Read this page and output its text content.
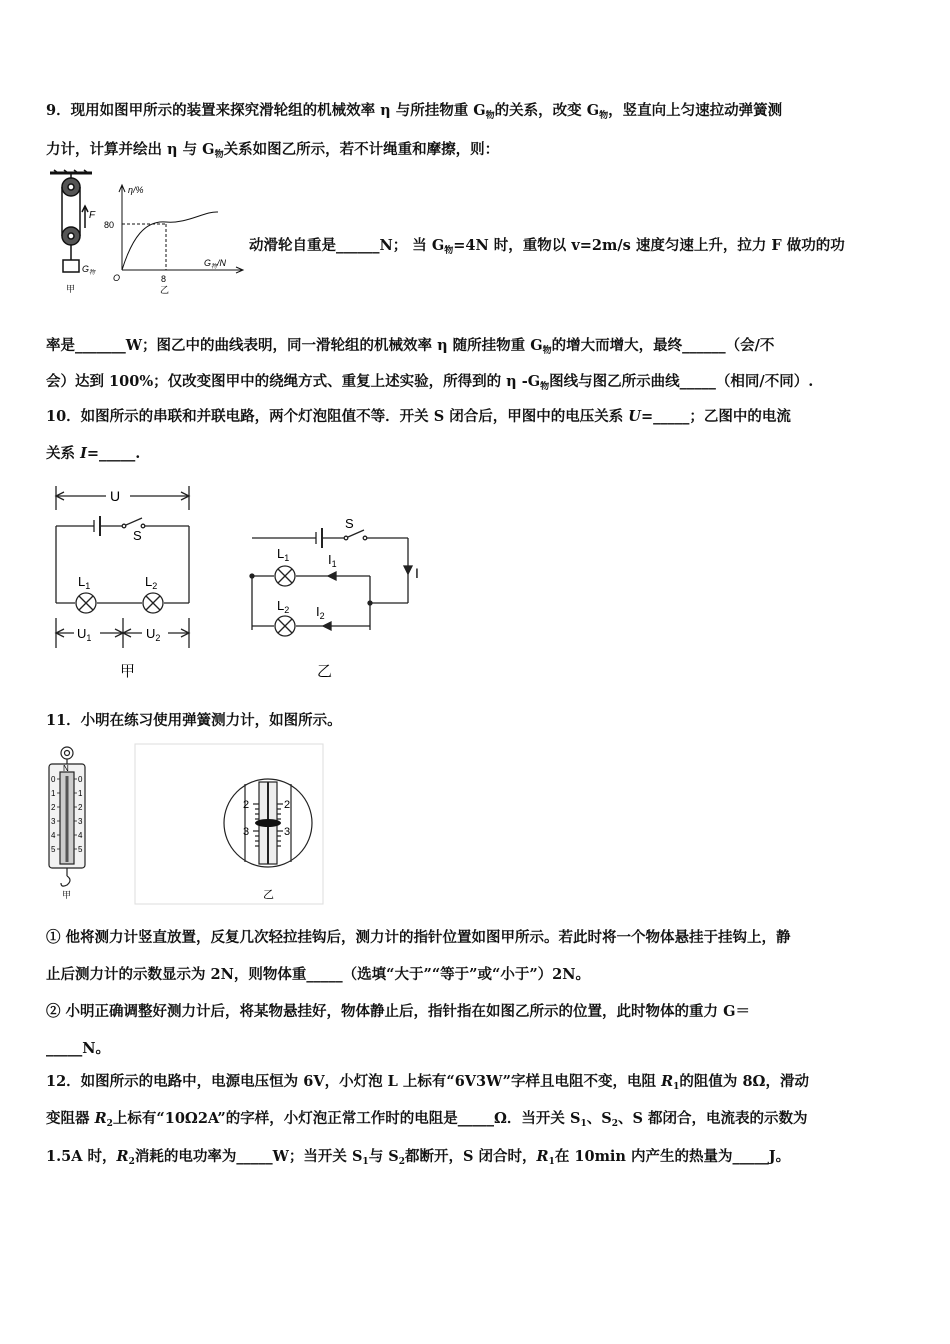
9．现用如图甲所示的装置来探究滑轮组的机械效率 η 与所挂物重 $G_物$的关系，改变 $G_物$，竖直向上匀速拉动弹簧测
力计，计算并绘出 η 与 $G_物$关系如图乙所示，若不计绳重和摩擦，则：
F
$G_物$
甲
η/%
80
8
O
$G_物/N$
乙
动滑轮自重是______N； 当 $G_物=4N$ 时，重物以 v=2m/s 速度匀速上升，拉力 F 做功的功
率是_______W；图乙中的曲线表明，同一滑轮组的机械效率 η 随所挂物重 $G_物$的增大而增大，最终______（会/不
会）达到 100%；仅改变图甲中的绕绳方式、重复上述实验，所得到的 η $-G_物$图线与图乙所示曲线_____（相同/不同）.
10．如图所示的串联和并联电路，两个灯泡阻值不等．开关 S 闭合后，甲图中的电压关系 U=_____；乙图中的电流
关系 I=_____.
U
S
$L_1$	$L_2$
$U_1$	$U_2$
甲
S
I
$L_1$
$L_2$
$I_1$
$I_2$
乙
11．小明在练习使用弹簧测力计，如图所示。
N
0
1
2
3
4
5
0
1
2
3
4
5
甲
2	2
3	3
乙
① 他将测力计竖直放置，反复几次轻拉挂钩后，测力计的指针位置如图甲所示。若此时将一个物体悬挂于挂钩上，静
止后测力计的示数显示为 2N，则物体重_____（选填“大于”“等于”或“小于”）2N。
② 小明正确调整好测力计后，将某物悬挂好，物体静止后，指针指在如图乙所示的位置，此时物体的重力 G＝
_____N。
12．如图所示的电路中，电源电压恒为 6V，小灯泡 L 上标有“6V3W”字样且电阻不变，电阻 $R_1$的阻值为 8Ω，滑动
变阻器 $R_2$上标有“10Ω2A”的字样，小灯泡正常工作时的电阻是_____Ω．当开关 $S_1$、$S_2$、S 都闭合，电流表的示数为
1.5A 时，$R_2$消耗的电功率为_____W；当开关 $S_1$与 $S_2$都断开，S 闭合时，$R_1$在 10min 内产生的热量为_____J。
